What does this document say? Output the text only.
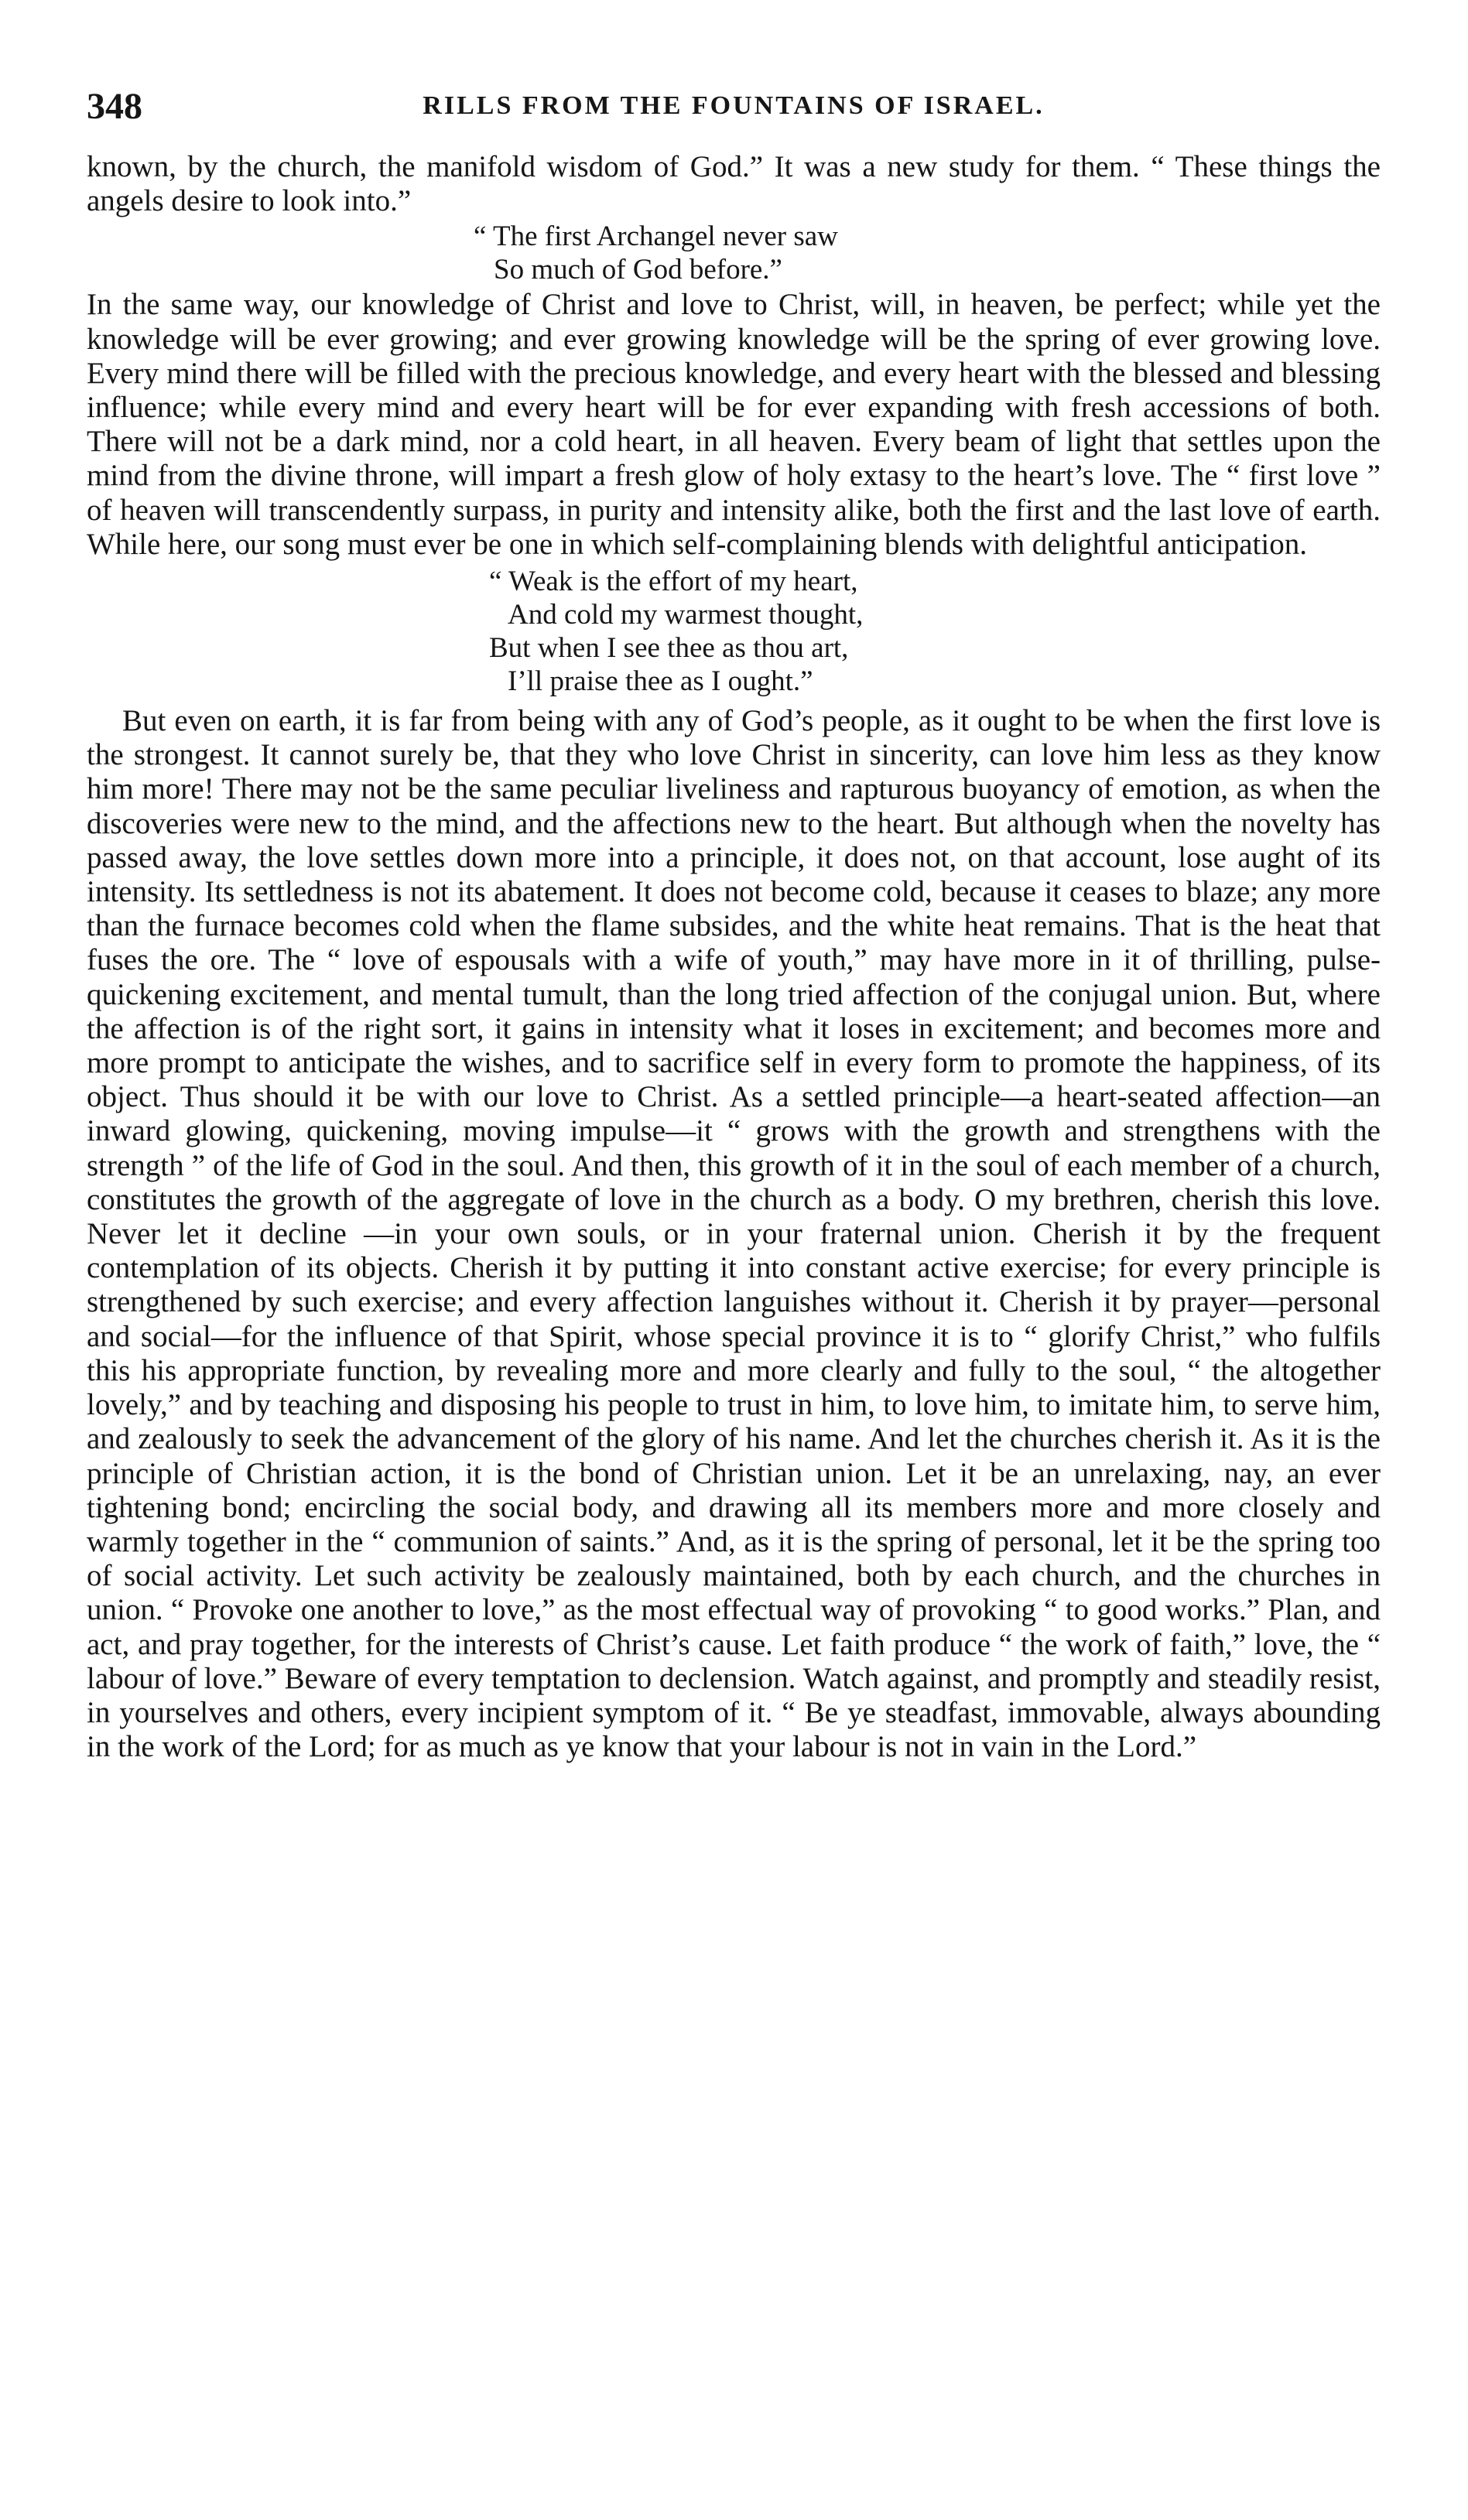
348	RILLS FROM THE FOUNTAINS OF ISRAEL.

known, by the church, the manifold wisdom of God.” It was a new study for them. “ These things the angels desire to look into.”

“ The first Archangel never saw
So much of God before.”

In the same way, our knowledge of Christ and love to Christ, will, in heaven, be perfect; while yet the knowledge will be ever growing; and ever growing knowledge will be the spring of ever growing love. Every mind there will be filled with the precious knowledge, and every heart with the blessed and blessing influence; while every mind and every heart will be for ever expanding with fresh accessions of both. There will not be a dark mind, nor a cold heart, in all heaven. Every beam of light that settles upon the mind from the divine throne, will impart a fresh glow of holy extasy to the heart’s love. The “ first love ” of heaven will transcendently surpass, in purity and intensity alike, both the first and the last love of earth. While here, our song must ever be one in which self-complaining blends with delightful anticipation.

“ Weak is the effort of my heart,
And cold my warmest thought,
But when I see thee as thou art,
I’ll praise thee as I ought.”

But even on earth, it is far from being with any of God’s people, as it ought to be when the first love is the strongest. It cannot surely be, that they who love Christ in sincerity, can love him less as they know him more! There may not be the same peculiar liveliness and rapturous buoyancy of emotion, as when the discoveries were new to the mind, and the affections new to the heart. But although when the novelty has passed away, the love settles down more into a principle, it does not, on that account, lose aught of its intensity. Its settledness is not its abatement. It does not become cold, because it ceases to blaze; any more than the furnace becomes cold when the flame subsides, and the white heat remains. That is the heat that fuses the ore. The “ love of espousals with a wife of youth,” may have more in it of thrilling, pulse-quickening excitement, and mental tumult, than the long tried affection of the conjugal union. But, where the affection is of the right sort, it gains in intensity what it loses in excitement; and becomes more and more prompt to anticipate the wishes, and to sacrifice self in every form to promote the happiness, of its object. Thus should it be with our love to Christ. As a settled principle—a heart-seated affection—an inward glowing, quickening, moving impulse—it “ grows with the growth and strengthens with the strength ” of the life of God in the soul. And then, this growth of it in the soul of each member of a church, constitutes the growth of the aggregate of love in the church as a body. O my brethren, cherish this love. Never let it decline —in your own souls, or in your fraternal union. Cherish it by the frequent contemplation of its objects. Cherish it by putting it into constant active exercise; for every principle is strengthened by such exercise; and every affection languishes without it. Cherish it by prayer—personal and social—for the influence of that Spirit, whose special province it is to “ glorify Christ,” who fulfils this his appropriate function, by revealing more and more clearly and fully to the soul, “ the altogether lovely,” and by teaching and disposing his people to trust in him, to love him, to imitate him, to serve him, and zealously to seek the advancement of the glory of his name. And let the churches cherish it. As it is the principle of Christian action, it is the bond of Christian union. Let it be an unrelaxing, nay, an ever tightening bond; encircling the social body, and drawing all its members more and more closely and warmly together in the “ communion of saints.” And, as it is the spring of personal, let it be the spring too of social activity. Let such activity be zealously maintained, both by each church, and the churches in union. “ Provoke one another to love,” as the most effectual way of provoking “ to good works.” Plan, and act, and pray together, for the interests of Christ’s cause. Let faith produce “ the work of faith,” love, the “ labour of love.” Beware of every temptation to declension. Watch against, and promptly and steadily resist, in yourselves and others, every incipient symptom of it. “ Be ye steadfast, immovable, always abounding in the work of the Lord; for as much as ye know that your labour is not in vain in the Lord.”
